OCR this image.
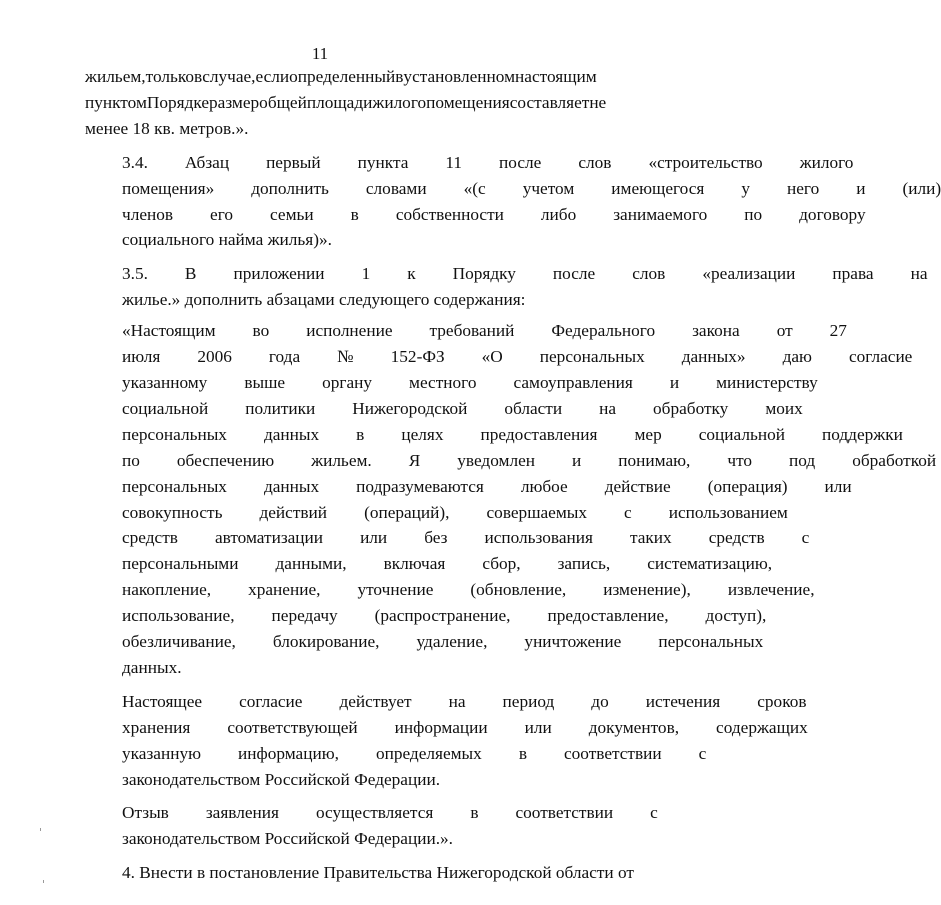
11
жильем, только в случае, если определенный в установленном настоящим
пунктом Порядке размер общей площади жилого помещения составляет не
менее 18 кв. метров.».
3.4.	Абзац	первый	пункта	11	после	слов	«строительство	жилого
помещения»	дополнить	словами	«(с	учетом	имеющегося	у	него	и	(или)
членов	его	семьи	в	собственности	либо	занимаемого	по	договору
социального найма жилья)».
3.5.	В	приложении	1	к	Порядку	после	слов	«реализации	права	на
жилье.» дополнить абзацами следующего содержания:
«Настоящим	во	исполнение	требований	Федерального	закона	от	27
июля	2006	года	№	152-ФЗ	«О	персональных	данных»	даю	согласие
указанному	выше	органу	местного	самоуправления	и	министерству
социальной	политики	Нижегородской	области	на	обработку	моих
персональных	данных	в	целях	предоставления	мер	социальной	поддержки
по	обеспечению	жильем.	Я	уведомлен	и	понимаю,	что	под	обработкой
персональных	данных	подразумеваются	любое	действие	(операция)	или
совокупность	действий	(операций),	совершаемых	с	использованием
средств	автоматизации	или	без	использования	таких	средств	с
персональными	данными,	включая	сбор,	запись,	систематизацию,
накопление,	хранение,	уточнение	(обновление,	изменение),	извлечение,
использование,	передачу	(распространение,	предоставление,	доступ),
обезличивание,	блокирование,	удаление,	уничтожение	персональных
данных.
Настоящее	согласие	действует	на	период	до	истечения	сроков
хранения	соответствующей	информации	или	документов,	содержащих
указанную	информацию,	определяемых	в	соответствии	с
законодательством Российской Федерации.
Отзыв	заявления	осуществляется	в	соответствии	с
законодательством Российской Федерации.».
4. Внести в постановление Правительства Нижегородской области от
